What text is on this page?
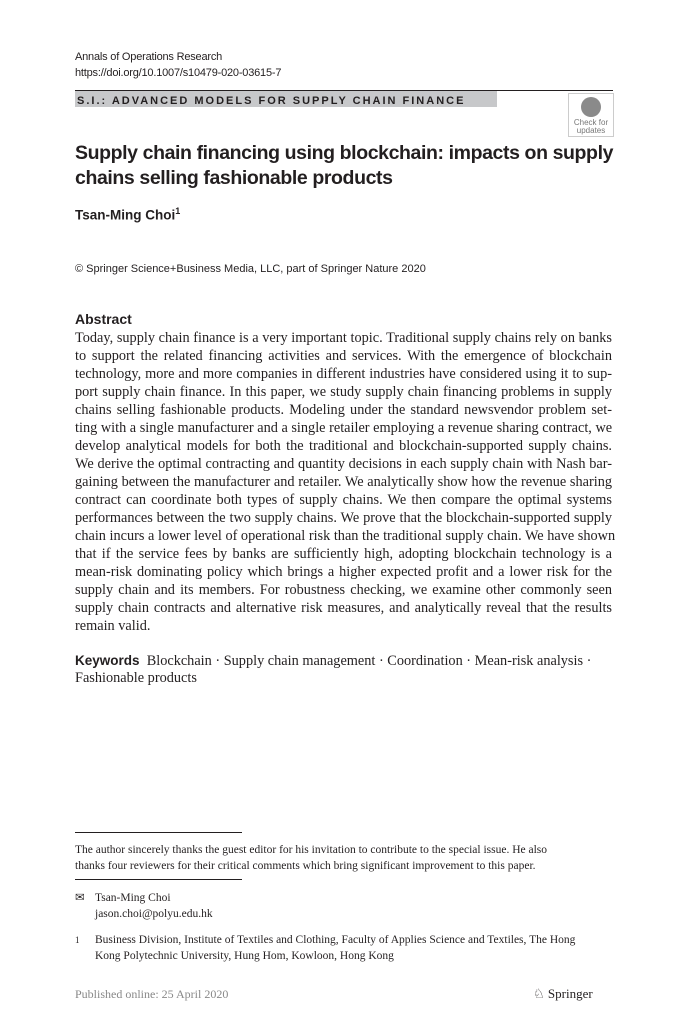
Annals of Operations Research
https://doi.org/10.1007/s10479-020-03615-7
S.I.: ADVANCED MODELS FOR SUPPLY CHAIN FINANCE
Check for
updates
Supply chain financing using blockchain: impacts on supply
chains selling fashionable products
Tsan-Ming Choi$^1$
© Springer Science+Business Media, LLC, part of Springer Nature 2020
Abstract
Today, supply chain finance is a very important topic. Traditional supply chains rely on banks
to support the related financing activities and services. With the emergence of blockchain
technology, more and more companies in different industries have considered using it to sup-
port supply chain finance. In this paper, we study supply chain financing problems in supply
chains selling fashionable products. Modeling under the standard newsvendor problem set-
ting with a single manufacturer and a single retailer employing a revenue sharing contract, we
develop analytical models for both the traditional and blockchain-supported supply chains.
We derive the optimal contracting and quantity decisions in each supply chain with Nash bar-
gaining between the manufacturer and retailer. We analytically show how the revenue sharing
contract can coordinate both types of supply chains. We then compare the optimal systems
performances between the two supply chains. We prove that the blockchain-supported supply
chain incurs a lower level of operational risk than the traditional supply chain. We have shown
that if the service fees by banks are sufficiently high, adopting blockchain technology is a
mean-risk dominating policy which brings a higher expected profit and a lower risk for the
supply chain and its members. For robustness checking, we examine other commonly seen
supply chain contracts and alternative risk measures, and analytically reveal that the results
remain valid.
Keywords Blockchain · Supply chain management · Coordination · Mean-risk analysis ·
Fashionable products
The author sincerely thanks the guest editor for his invitation to contribute to the special issue. He also
thanks four reviewers for their critical comments which bring significant improvement to this paper.
✉ Tsan-Ming Choi
jason.choi@polyu.edu.hk
1 Business Division, Institute of Textiles and Clothing, Faculty of Applies Science and Textiles, The Hong
Kong Polytechnic University, Hung Hom, Kowloon, Hong Kong
Published online: 25 April 2020	♘ Springer
